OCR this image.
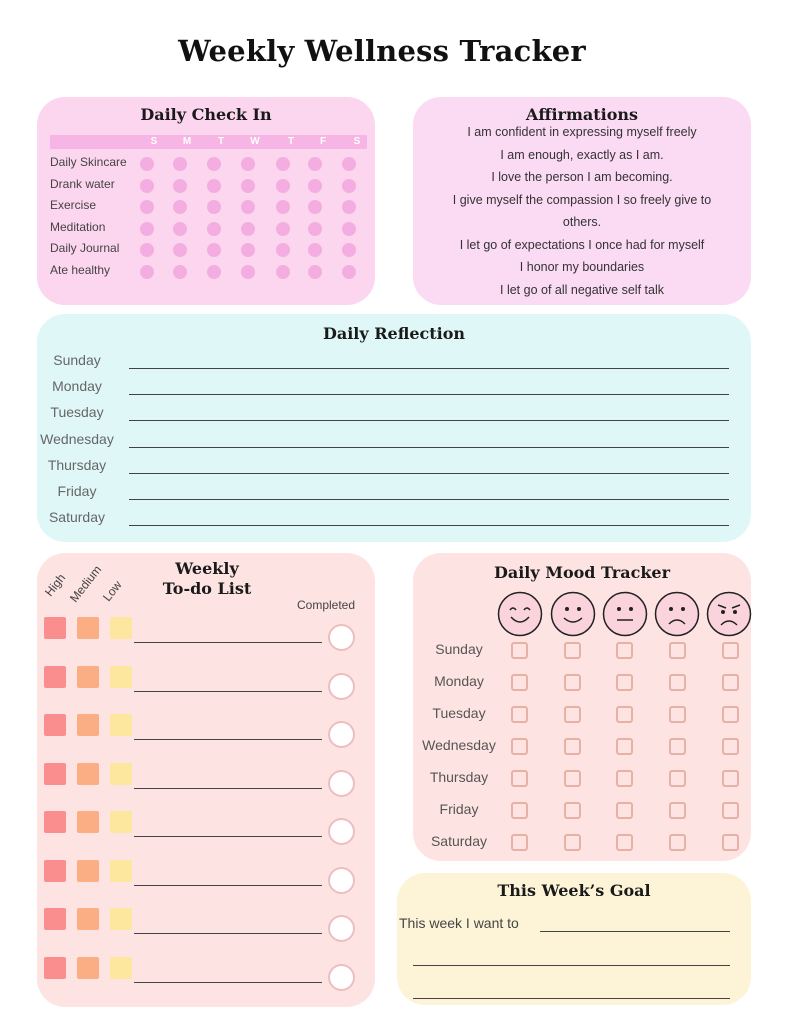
Weekly Wellness Tracker
Daily Check In
S	M	T	W	T	F	S
Daily Skincare
Drank water
Exercise
Meditation
Daily Journal
Ate healthy
Affirmations
I am confident in expressing myself freely
I am enough, exactly as I am.
I love the person I am becoming.
I give myself the compassion I so freely give to
others.
I let go of expectations I once had for myself
I honor my boundaries
I let go of all negative self talk
Daily Reflection
Sunday
Monday
Tuesday
Wednesday
Thursday
Friday
Saturday
Weekly
To-do List
High
Medium
Low
Completed
Daily Mood Tracker
Sunday
Monday
Tuesday
Wednesday
Thursday
Friday
Saturday
This Week’s Goal
This week I want to
